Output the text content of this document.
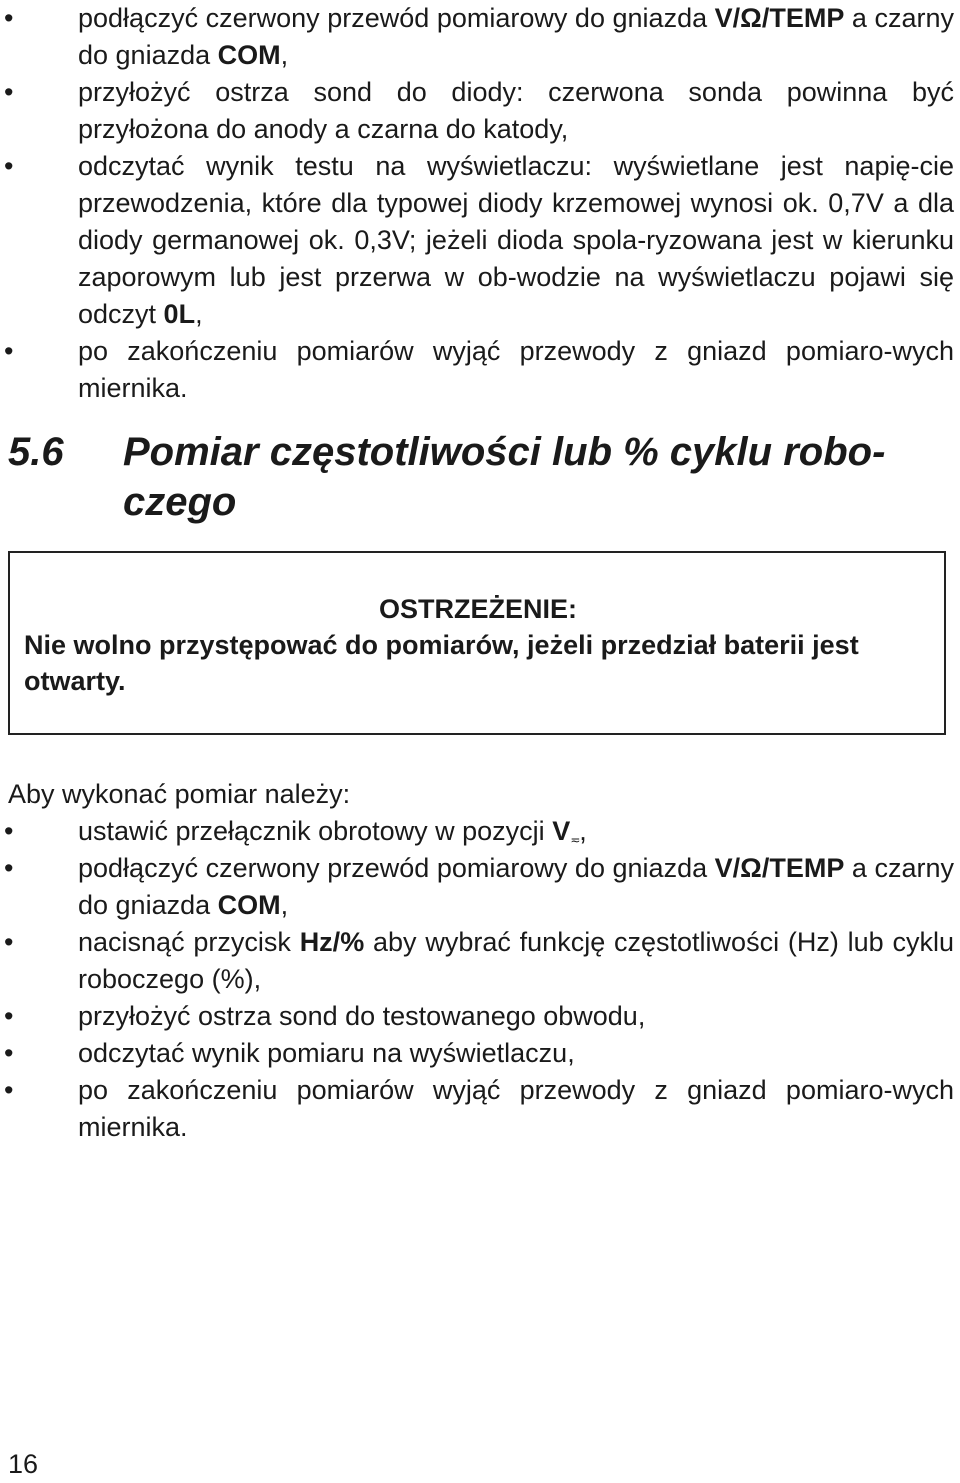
• podłączyć czerwony przewód pomiarowy do gniazda V/Ω/TEMP a czarny do gniazda COM,
• przyłożyć ostrza sond do diody: czerwona sonda powinna być przyłożona do anody a czarna do katody,
• odczytać wynik testu na wyświetlaczu: wyświetlane jest napię-cie przewodzenia, które dla typowej diody krzemowej wynosi ok. 0,7V a dla diody germanowej ok. 0,3V; jeżeli dioda spola-ryzowana jest w kierunku zaporowym lub jest przerwa w ob-wodzie na wyświetlaczu pojawi się odczyt 0L,
• po zakończeniu pomiarów wyjąć przewody z gniazd pomiaro-wych miernika.
5.6	Pomiar częstotliwości lub % cyklu robo-czego
OSTRZEŻENIE:
Nie wolno przystępować do pomiarów, jeżeli przedział baterii jest otwarty.
Aby wykonać pomiar należy:
• ustawić przełącznik obrotowy w pozycji V≂,
• podłączyć czerwony przewód pomiarowy do gniazda V/Ω/TEMP a czarny do gniazda COM,
• nacisnąć przycisk Hz/% aby wybrać funkcję częstotliwości (Hz) lub cyklu roboczego (%),
• przyłożyć ostrza sond do testowanego obwodu,
• odczytać wynik pomiaru na wyświetlaczu,
• po zakończeniu pomiarów wyjąć przewody z gniazd pomiaro-wych miernika.
16
